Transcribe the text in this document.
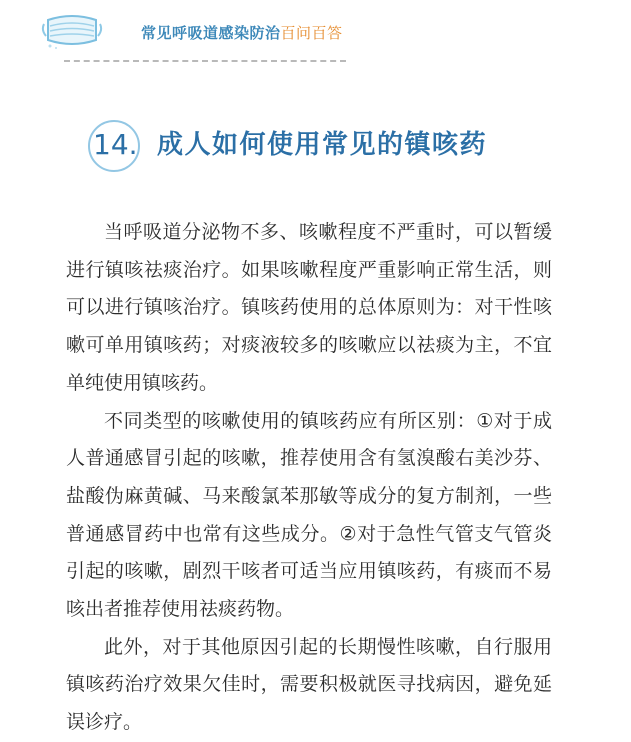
常见呼吸道感染防治百问百答
14. 成人如何使用常见的镇咳药

当呼吸道分泌物不多、咳嗽程度不严重时，可以暂缓进行镇咳祛痰治疗。如果咳嗽程度严重影响正常生活，则可以进行镇咳治疗。镇咳药使用的总体原则为：对干性咳嗽可单用镇咳药；对痰液较多的咳嗽应以祛痰为主，不宜单纯使用镇咳药。

不同类型的咳嗽使用的镇咳药应有所区别：①对于成人普通感冒引起的咳嗽，推荐使用含有氢溴酸右美沙芬、盐酸伪麻黄碱、马来酸氯苯那敏等成分的复方制剂，一些普通感冒药中也常有这些成分。②对于急性气管支气管炎引起的咳嗽，剧烈干咳者可适当应用镇咳药，有痰而不易咳出者推荐使用祛痰药物。

此外，对于其他原因引起的长期慢性咳嗽，自行服用镇咳药治疗效果欠佳时，需要积极就医寻找病因，避免延误诊疗。
